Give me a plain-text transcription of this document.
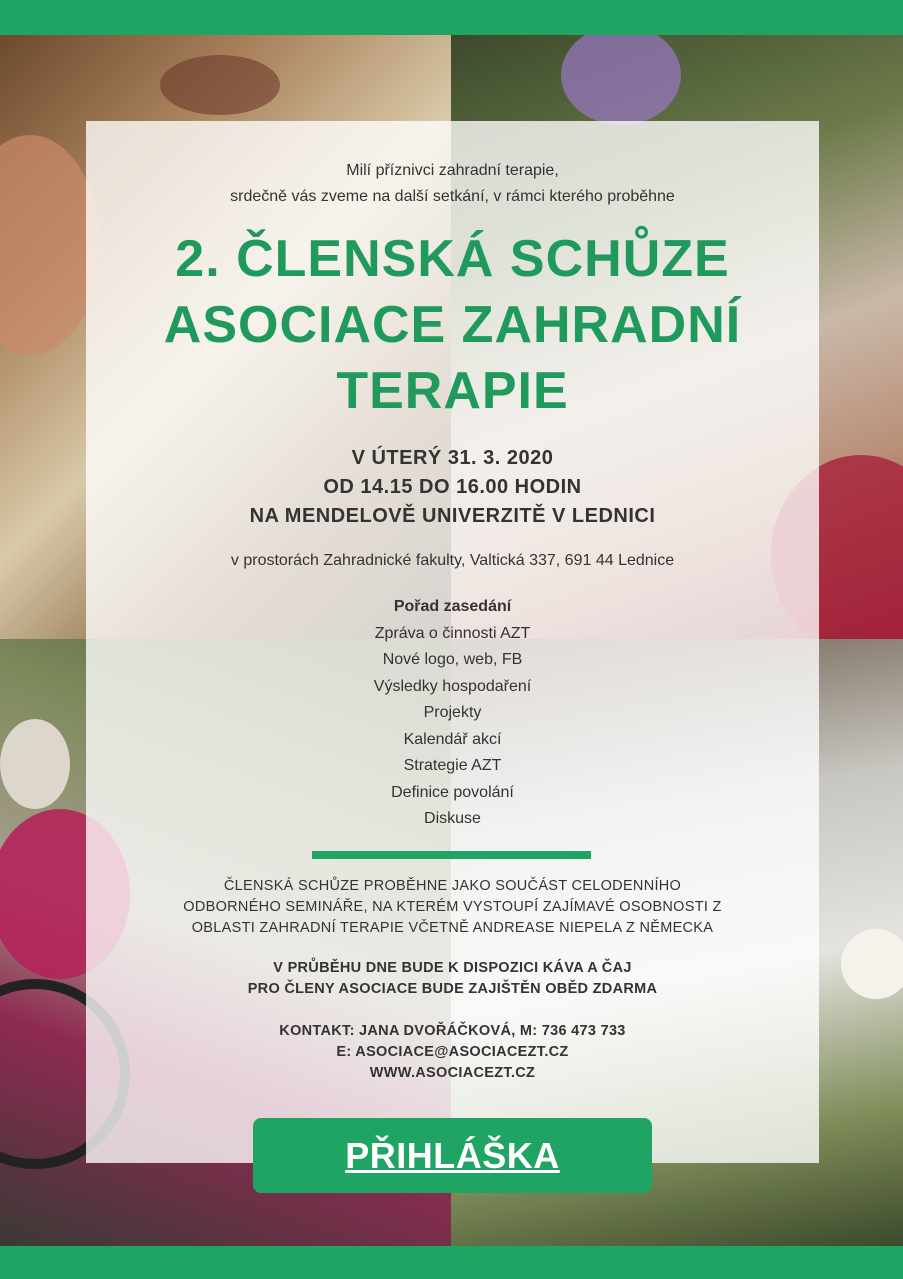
Milí příznivci zahradní terapie,
srdečně vás zveme na další setkání, v rámci kterého proběhne
2. ČLENSKÁ SCHŮZE
ASOCIACE ZAHRADNÍ
TERAPIE
V ÚTERÝ 31. 3. 2020
OD 14.15 DO 16.00 HODIN
NA MENDELOVĚ UNIVERZITĚ V LEDNICI
v prostorách Zahradnické fakulty, Valtická 337, 691 44 Lednice
Pořad zasedání
Zpráva o činnosti AZT
Nové logo, web, FB
Výsledky hospodaření
Projekty
Kalendář akcí
Strategie AZT
Definice povolání
Diskuse
ČLENSKÁ SCHŮZE PROBĚHNE JAKO SOUČÁST CELODENNÍHO
ODBORNÉHO SEMINÁŘE, NA KTERÉM VYSTOUPÍ ZAJÍMAVÉ OSOBNOSTI Z
OBLASTI ZAHRADNÍ TERAPIE VČETNĚ ANDREASE NIEPELA Z NĚMECKA
V PRŮBĚHU DNE BUDE K DISPOZICI KÁVA A ČAJ
PRO ČLENY ASOCIACE BUDE ZAJIŠTĚN OBĚD ZDARMA
KONTAKT: JANA DVOŘÁČKOVÁ, M: 736 473 733
E: ASOCIACE@ASOCIACEZT.CZ
WWW.ASOCIACEZT.CZ
PŘIHLÁŠKA
